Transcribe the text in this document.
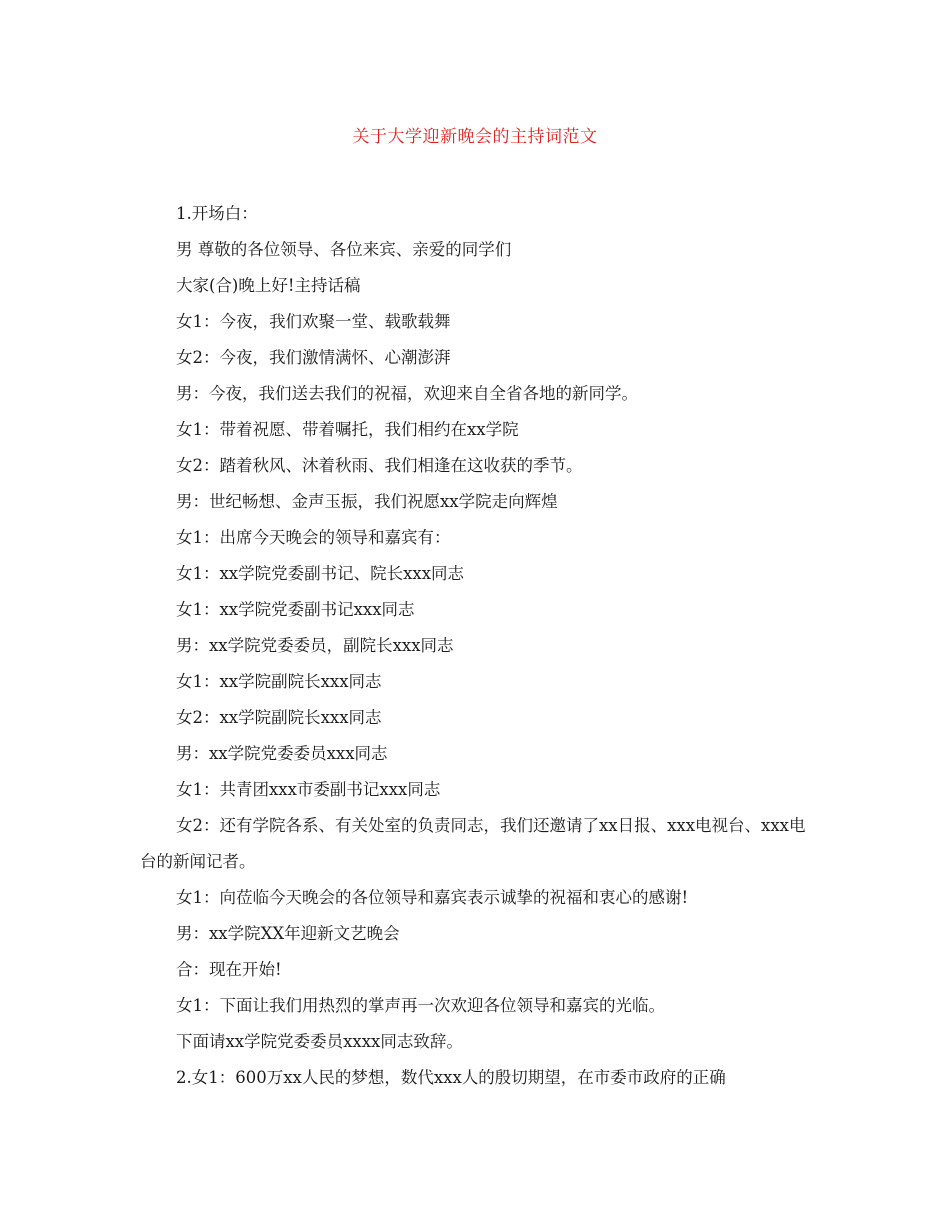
关于大学迎新晚会的主持词范文

1.开场白：

男 尊敬的各位领导、各位来宾、亲爱的同学们

大家(合)晚上好!主持话稿

女1：今夜，我们欢聚一堂、载歌载舞

女2：今夜，我们激情满怀、心潮澎湃

男：今夜，我们送去我们的祝福，欢迎来自全省各地的新同学。

女1：带着祝愿、带着嘱托，我们相约在xx学院

女2：踏着秋风、沐着秋雨、我们相逢在这收获的季节。

男：世纪畅想、金声玉振，我们祝愿xx学院走向辉煌

女1：出席今天晚会的领导和嘉宾有：

女1：xx学院党委副书记、院长xxx同志

女1：xx学院党委副书记xxx同志

男：xx学院党委委员，副院长xxx同志

女1：xx学院副院长xxx同志

女2：xx学院副院长xxx同志

男：xx学院党委委员xxx同志

女1：共青团xxx市委副书记xxx同志

女2：还有学院各系、有关处室的负责同志，我们还邀请了xx日报、xxx电视台、xxx电台的新闻记者。

女1：向莅临今天晚会的各位领导和嘉宾表示诚挚的祝福和衷心的感谢!

男：xx学院XX年迎新文艺晚会

合：现在开始!

女1：下面让我们用热烈的掌声再一次欢迎各位领导和嘉宾的光临。

下面请xx学院党委委员xxxx同志致辞。

2.女1：600万xx人民的梦想，数代xxx人的殷切期望，在市委市政府的正确
